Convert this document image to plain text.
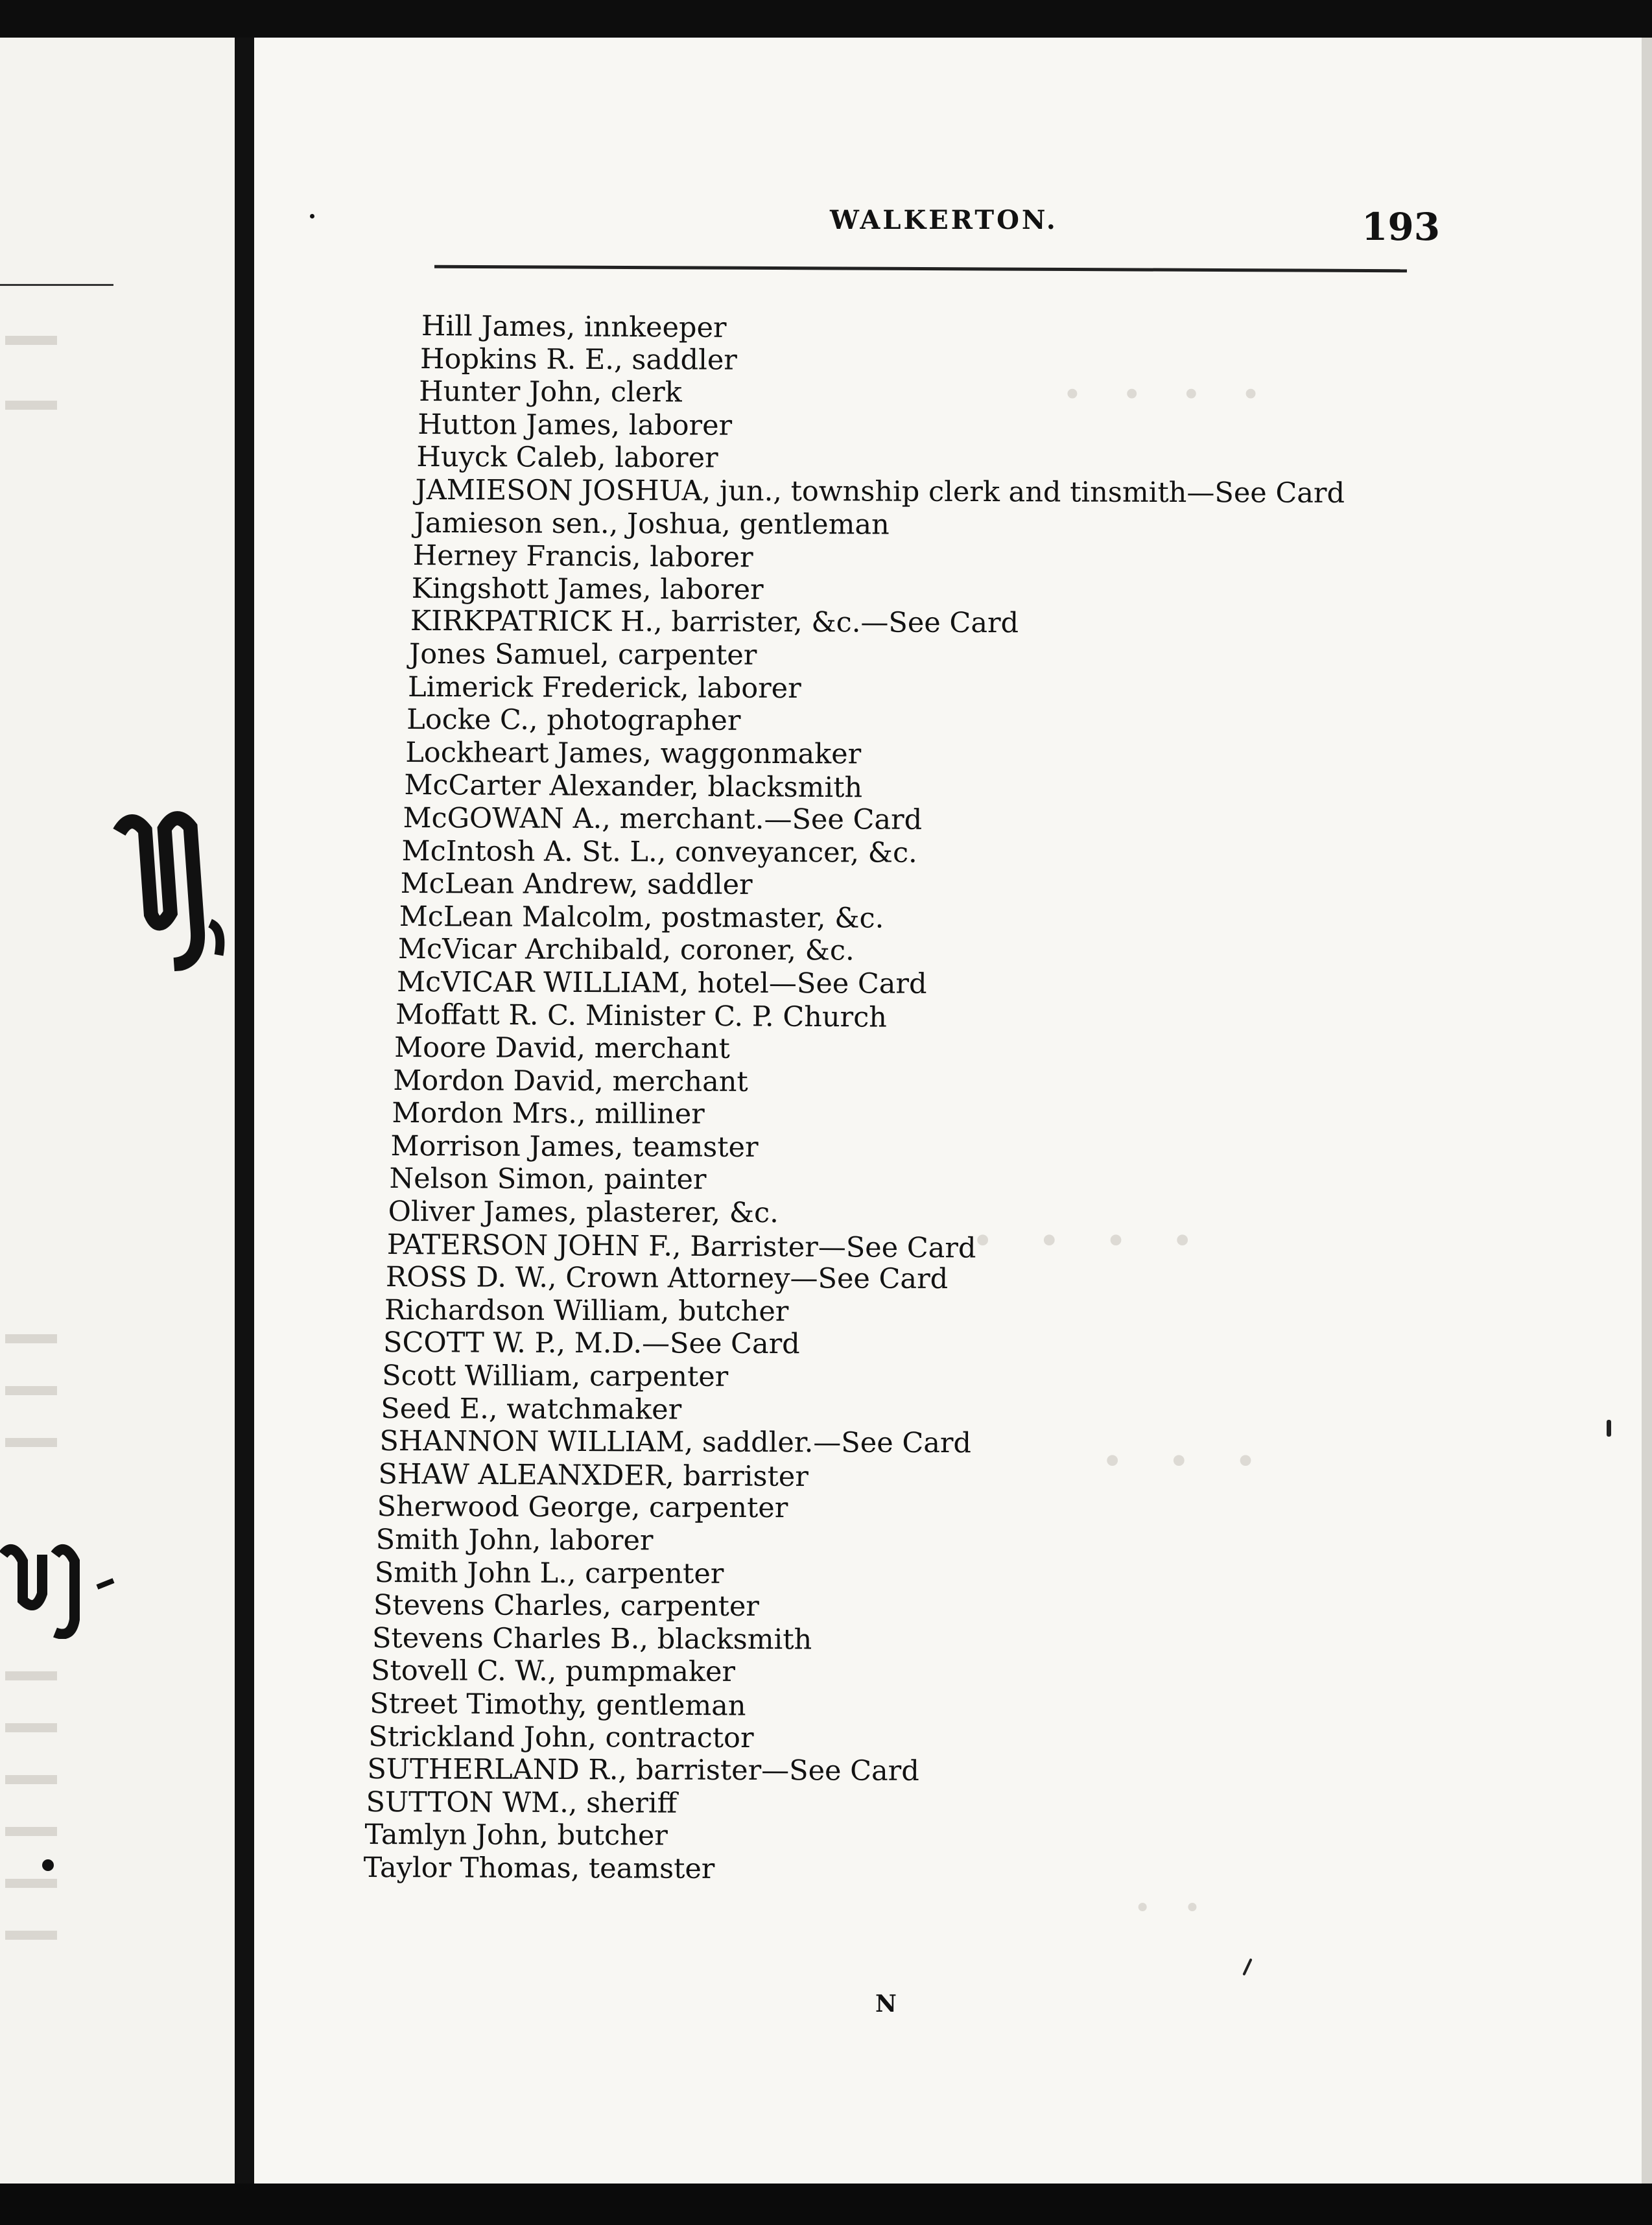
· · · ·
· · · ·
· · ·
· ·
WALKERTON.	193
Hill James, innkeeper
Hopkins R. E., saddler
Hunter John, clerk
Hutton James, laborer
Huyck Caleb, laborer
JAMIESON JOSHUA, jun., township clerk and tinsmith—See Card
Jamieson sen., Joshua, gentleman
Herney Francis, laborer
Kingshott James, laborer
KIRKPATRICK H., barrister, &c.—See Card
Jones Samuel, carpenter
Limerick Frederick, laborer
Locke C., photographer
Lockheart James, waggonmaker
McCarter Alexander, blacksmith
McGOWAN A., merchant.—See Card
McIntosh A. St. L., conveyancer, &c.
McLean Andrew, saddler
McLean Malcolm, postmaster, &c.
McVicar Archibald, coroner, &c.
McVICAR WILLIAM, hotel—See Card
Moffatt R. C. Minister C. P. Church
Moore David, merchant
Mordon David, merchant
Mordon Mrs., milliner
Morrison James, teamster
Nelson Simon, painter
Oliver James, plasterer, &c.
PATERSON JOHN F., Barrister—See Card
ROSS D. W., Crown Attorney—See Card
Richardson William, butcher
SCOTT W. P., M.D.—See Card
Scott William, carpenter
Seed E., watchmaker
SHANNON WILLIAM, saddler.—See Card
SHAW ALEANXDER, barrister
Sherwood George, carpenter
Smith John, laborer
Smith John L., carpenter
Stevens Charles, carpenter
Stevens Charles B., blacksmith
Stovell C. W., pumpmaker
Street Timothy, gentleman
Strickland John, contractor
SUTHERLAND R., barrister—See Card
SUTTON WM., sheriff
Tamlyn John, butcher
Taylor Thomas, teamster
N
